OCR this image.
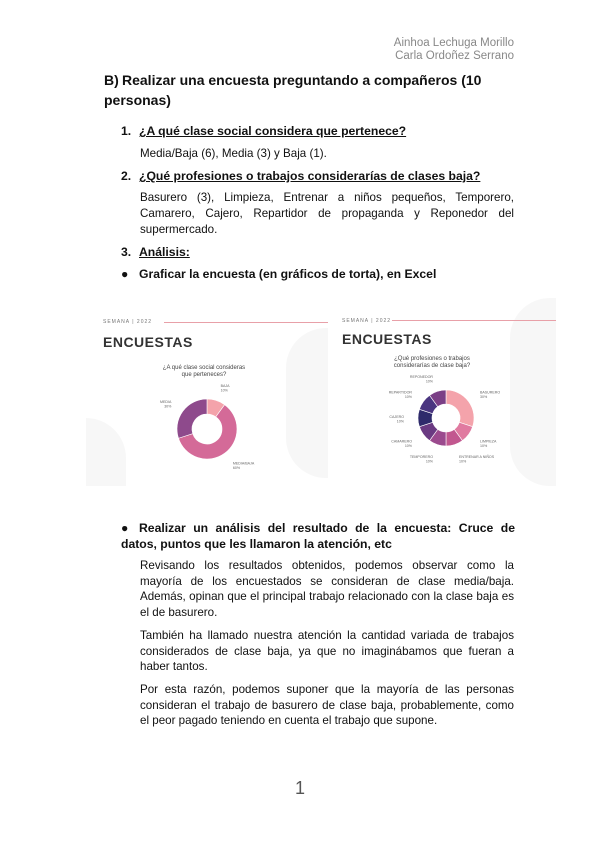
Ainhoa Lechuga Morillo
Carla Ordoñez Serrano
B) Realizar una encuesta preguntando a compañeros (10 personas)
1. ¿A qué clase social considera que pertenece?
Media/Baja (6), Media (3) y Baja (1).
2. ¿Qué profesiones o trabajos considerarías de clases baja?
Basurero (3), Limpieza, Entrenar a niños pequeños, Temporero, Camarero, Cajero, Repartidor de propaganda y Reponedor del supermercado.
3. Análisis:
● Graficar la encuesta (en gráficos de torta), en Excel
SEMANA | 2022
ENCUESTAS
¿A qué clase social consideras que perteneces?
BAJA 10%
MEDIA/BAJA 60%
MEDIA 30%
SEMANA | 2022
ENCUESTAS
¿Qué profesiones o trabajos considerarías de clase baja?
BASURERO 30%
LIMPIEZA 10%
ENTRENAR A NIÑOS 10%
TEMPORERO 10%
CAMARERO 10%
CAJERO 10%
REPARTIDOR 10%
REPONEDOR 10%
● Realizar un análisis del resultado de la encuesta: Cruce de datos, puntos que les llamaron la atención, etc
Revisando los resultados obtenidos, podemos observar como la mayoría de los encuestados se consideran de clase media/baja. Además, opinan que el principal trabajo relacionado con la clase baja es el de basurero.
También ha llamado nuestra atención la cantidad variada de trabajos considerados de clase baja, ya que no imaginábamos que fueran a haber tantos.
Por esta razón, podemos suponer que la mayoría de las personas consideran el trabajo de basurero de clase baja, probablemente, como el peor pagado teniendo en cuenta el trabajo que supone.
1
